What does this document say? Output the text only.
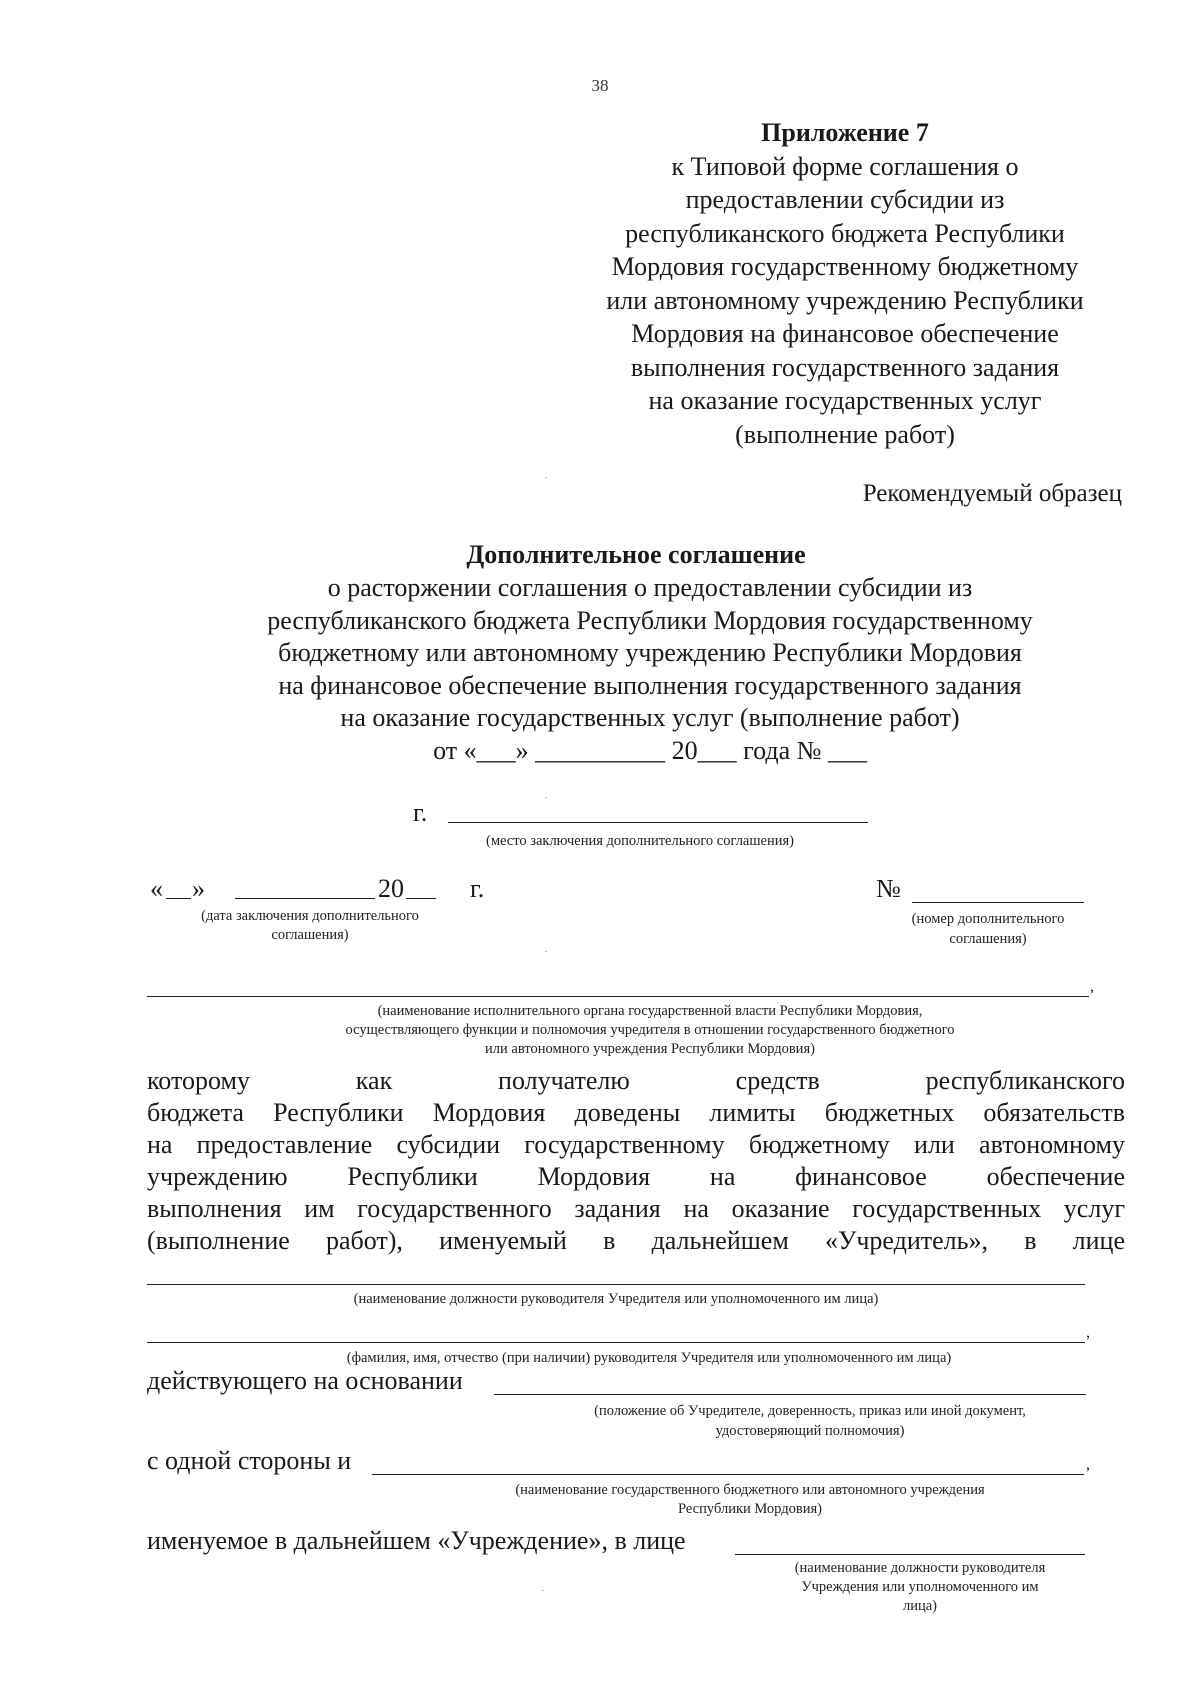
38
Приложение 7
к Типовой форме соглашения о
предоставлении субсидии из
республиканского бюджета Республики
Мордовия государственному бюджетному
или автономному учреждению Республики
Мордовия на финансовое обеспечение
выполнения государственного задания
на оказание государственных услуг
(выполнение работ)
Рекомендуемый образец
Дополнительное соглашение
о расторжении соглашения о предоставлении субсидии из
республиканского бюджета Республики Мордовия государственному
бюджетному или автономному учреждению Республики Мордовия
на финансовое обеспечение выполнения государственного задания
на оказание государственных услуг (выполнение работ)
от «___» __________ 20___ года № ___
г.
(место заключения дополнительного соглашения)
« »	20	г.
(дата заключения дополнительного
соглашения)
№
(номер дополнительного
соглашения)
,
(наименование исполнительного органа государственной власти Республики Мордовия,
осуществляющего функции и полномочия учредителя в отношении государственного бюджетного
или автономного учреждения Республики Мордовия)
которому как получателю средств республиканского
бюджета Республики Мордовия доведены лимиты бюджетных обязательств
на предоставление субсидии государственному бюджетному или автономному
учреждению Республики Мордовия на финансовое обеспечение
выполнения им государственного задания на оказание государственных услуг
(выполнение работ), именуемый в дальнейшем «Учредитель», в лице
(наименование должности руководителя Учредителя или уполномоченного им лица)
,
(фамилия, имя, отчество (при наличии) руководителя Учредителя или уполномоченного им лица)
действующего на основании
(положение об Учредителе, доверенность, приказ или иной документ,
удостоверяющий полномочия)
с одной стороны и	,
(наименование государственного бюджетного или автономного учреждения
Республики Мордовия)
именуемое в дальнейшем «Учреждение», в лице
(наименование должности руководителя
Учреждения или уполномоченного им
лица)
